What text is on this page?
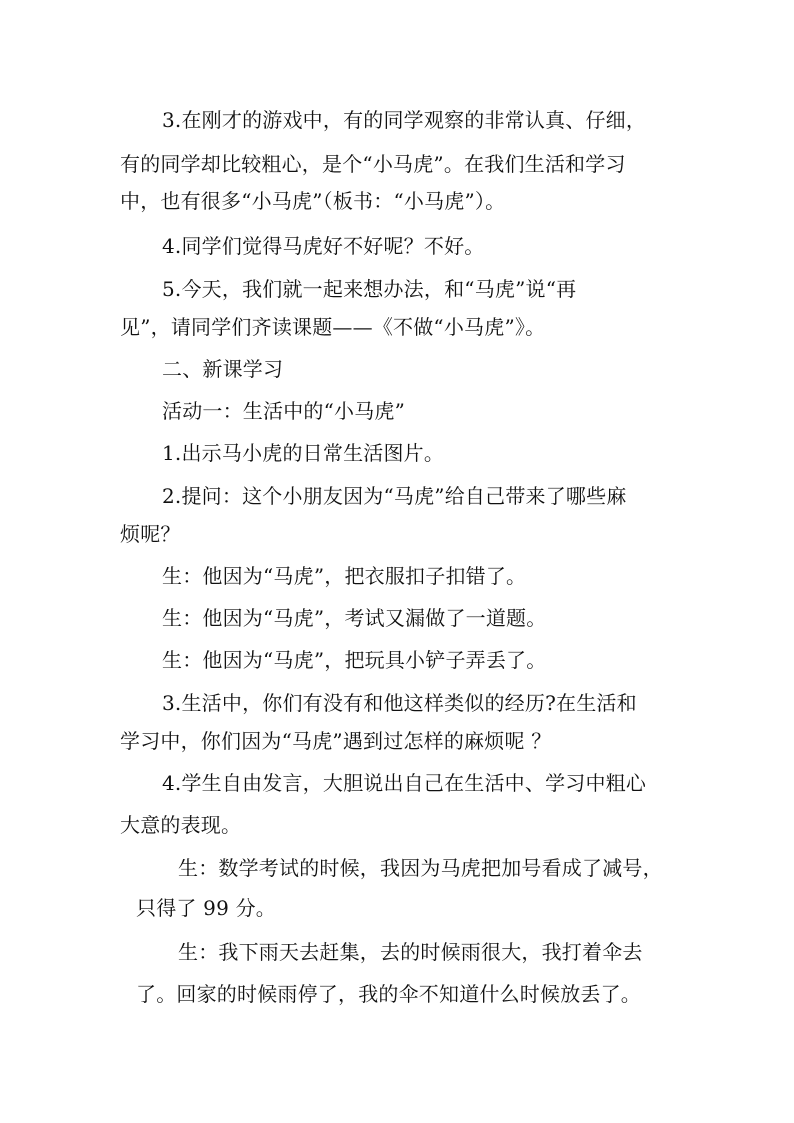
3.在刚才的游戏中，有的同学观察的非常认真、仔细，
有的同学却比较粗心，是个“小马虎”。在我们生活和学习
中，也有很多“小马虎”（板书：“小马虎”）。
4.同学们觉得马虎好不好呢？不好。
5.今天，我们就一起来想办法，和“马虎”说“再
见”，请同学们齐读课题——《不做“小马虎”》。
二、新课学习
活动一：生活中的“小马虎”
1.出示马小虎的日常生活图片。
2.提问：这个小朋友因为“马虎”给自己带来了哪些麻
烦呢？
生：他因为“马虎”，把衣服扣子扣错了。
生：他因为“马虎”，考试又漏做了一道题。
生：他因为“马虎”，把玩具小铲子弄丢了。
3.生活中，你们有没有和他这样类似的经历?在生活和
学习中，你们因为“马虎”遇到过怎样的麻烦呢 ？
4.学生自由发言，大胆说出自己在生活中、学习中粗心
大意的表现。
生：数学考试的时候，我因为马虎把加号看成了减号，
只得了 99 分。
生：我下雨天去赶集，去的时候雨很大，我打着伞去
了。回家的时候雨停了，我的伞不知道什么时候放丢了。
